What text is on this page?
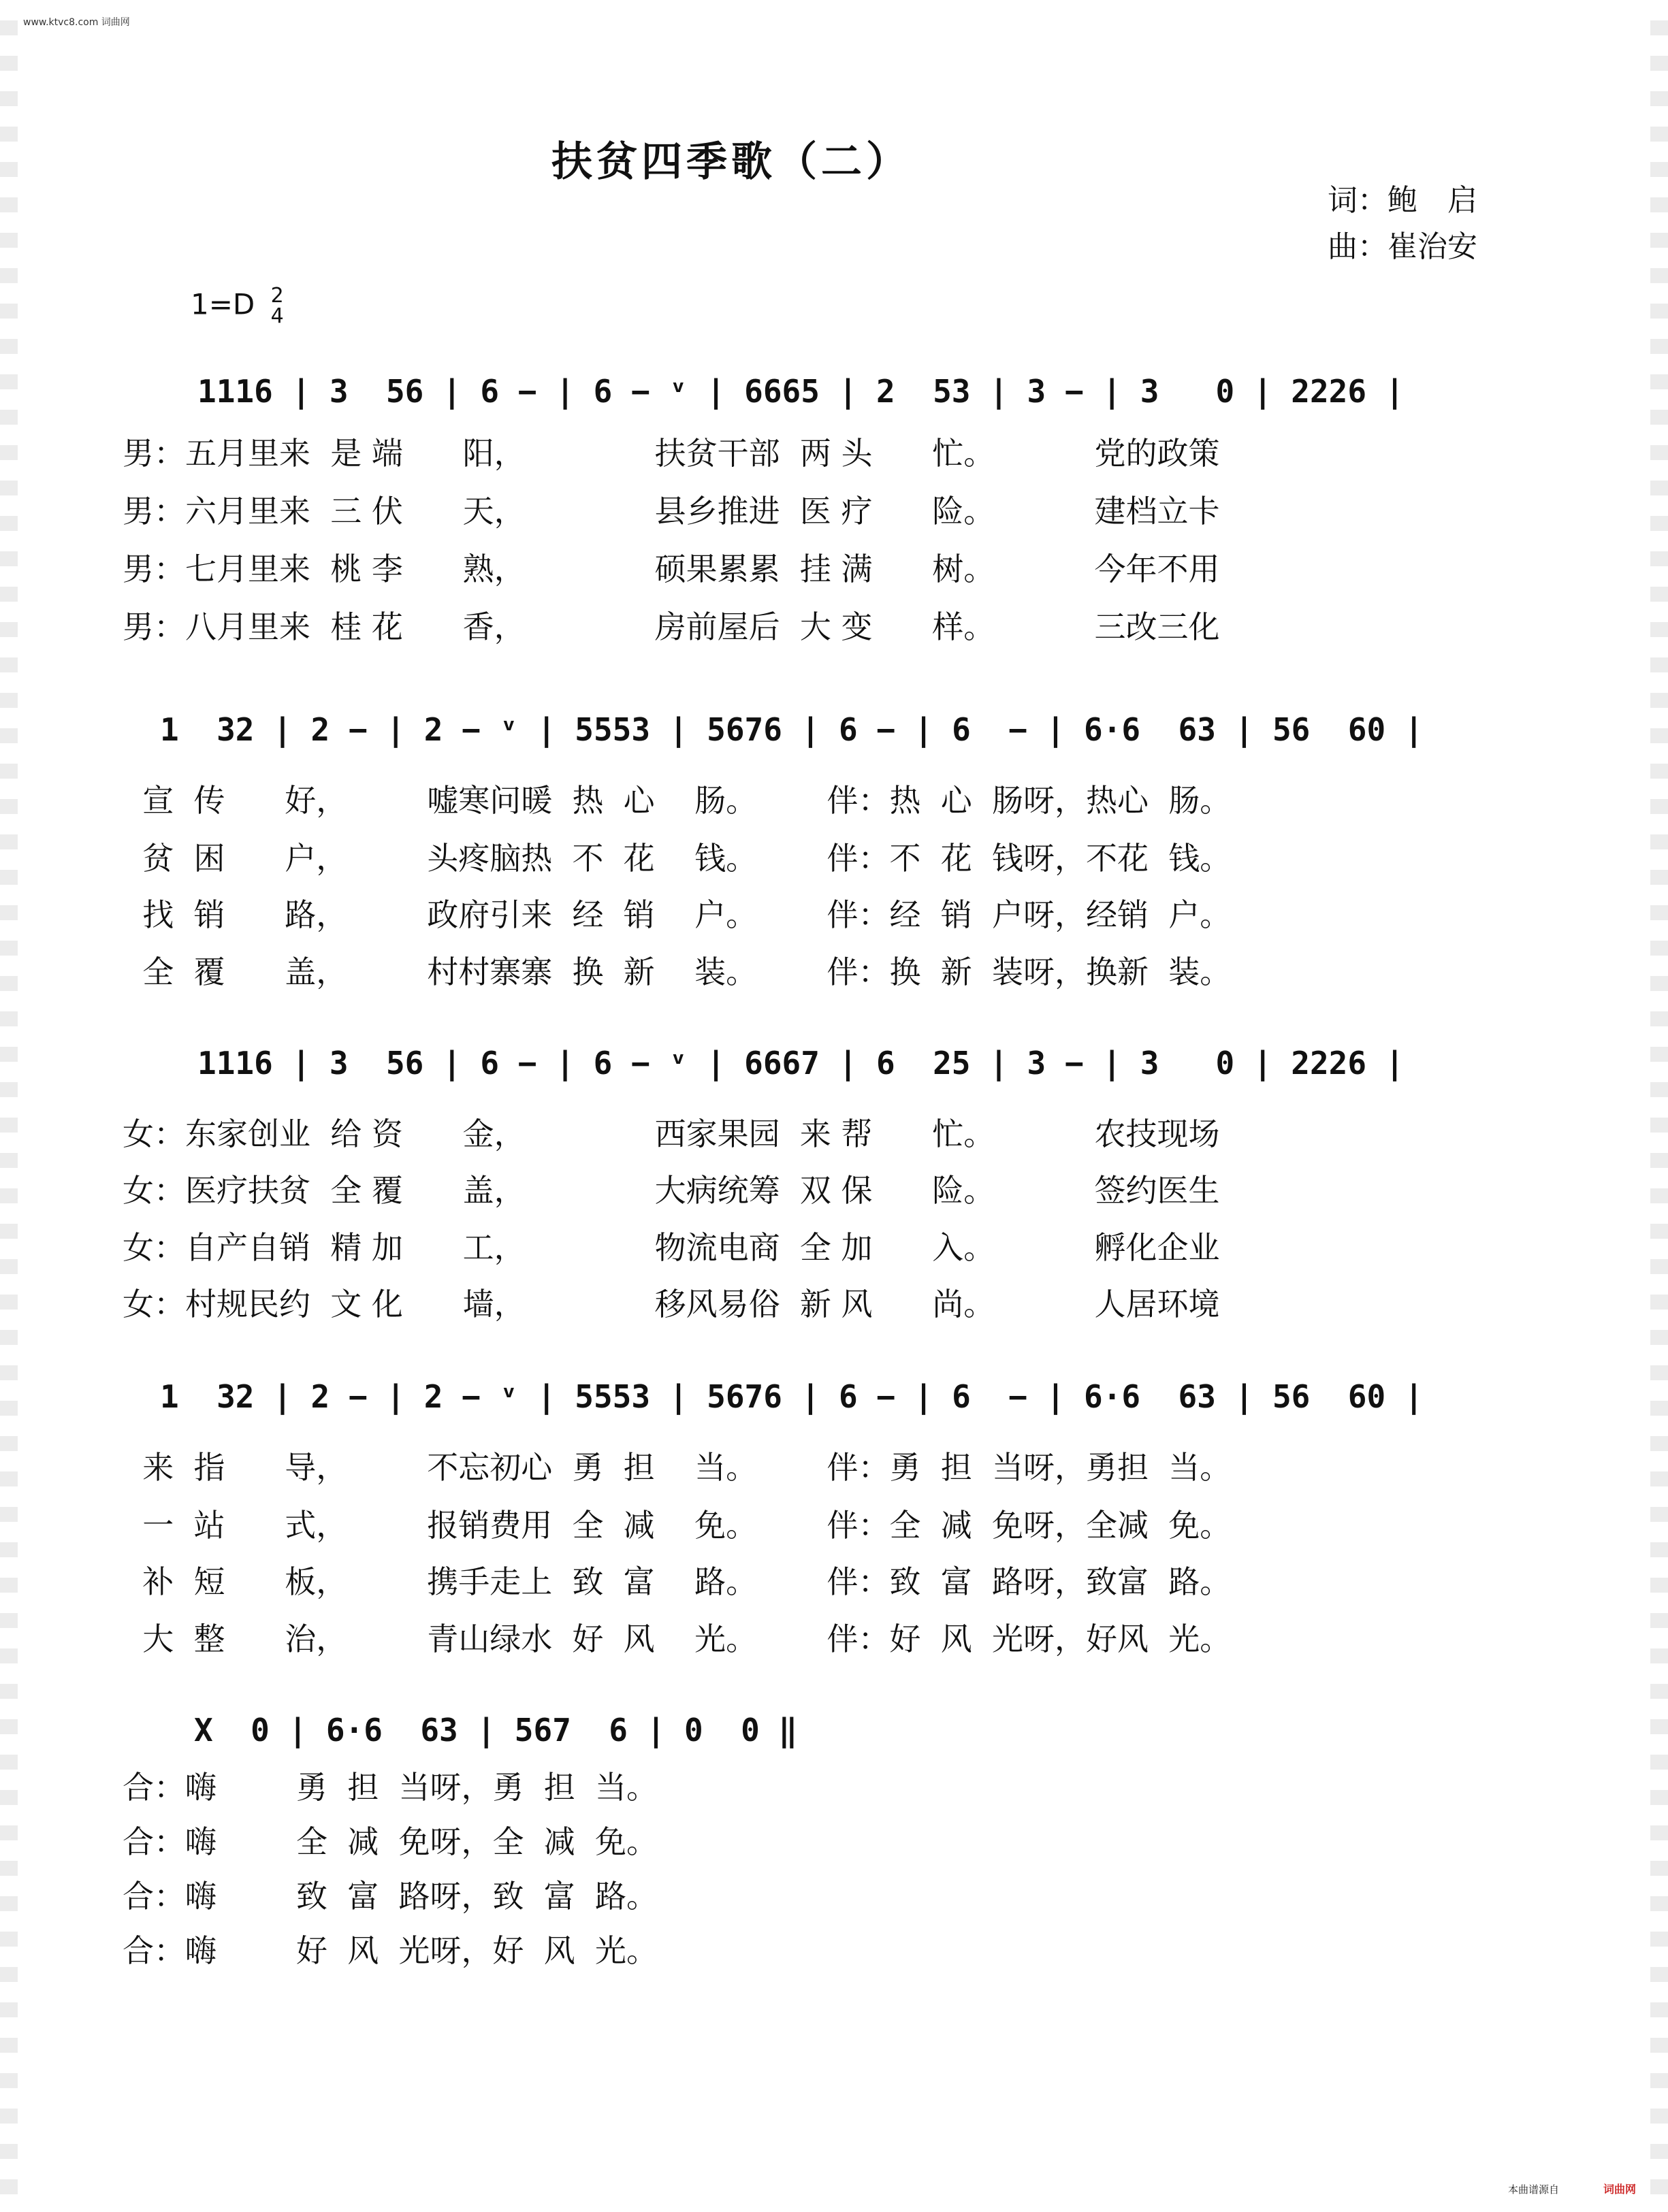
www.ktvc8.com 词曲网
扶贫四季歌（二）
词：鲍　启
曲：崔治安
1=D 2
4
1116 | 3  56 | 6 − | 6 − ᵛ | 6665 | 2  53 | 3 − | 3   0 | 2226 |
男：五月里来  是 端      阳，             扶贫干部  两 头      忙。          党的政策
男：六月里来  三 伏      天，             县乡推进  医 疗      险。          建档立卡
男：七月里来  桃 李      熟，             硕果累累  挂 满      树。          今年不用
男：八月里来  桂 花      香，             房前屋后  大 变      样。          三改三化
1  32 | 2 − | 2 − ᵛ | 5553 | 5676 | 6 − | 6  − | 6·6  63 | 56  60 |
宣  传      好，        嘘寒问暖  热  心    肠。       伴：热  心  肠呀，热心  肠。
贫  困      户，        头疼脑热  不  花    钱。       伴：不  花  钱呀，不花  钱。
找  销      路，        政府引来  经  销    户。       伴：经  销  户呀，经销  户。
全  覆      盖，        村村寨寨  换  新    装。       伴：换  新  装呀，换新  装。
1116 | 3  56 | 6 − | 6 − ᵛ | 6667 | 6  25 | 3 − | 3   0 | 2226 |
女：东家创业  给 资      金，             西家果园  来 帮      忙。          农技现场
女：医疗扶贫  全 覆      盖，             大病统筹  双 保      险。          签约医生
女：自产自销  精 加      工，             物流电商  全 加      入。          孵化企业
女：村规民约  文 化      墙，             移风易俗  新 风      尚。          人居环境
1  32 | 2 − | 2 − ᵛ | 5553 | 5676 | 6 − | 6  − | 6·6  63 | 56  60 |
来  指      导，        不忘初心  勇  担    当。       伴：勇  担  当呀，勇担  当。
一  站      式，        报销费用  全  减    免。       伴：全  减  免呀，全减  免。
补  短      板，        携手走上  致  富    路。       伴：致  富  路呀，致富  路。
大  整      治，        青山绿水  好  风    光。       伴：好  风  光呀，好风  光。
X  0 | 6·6  63 | 567  6 | 0  0 ‖
合：嗨        勇  担  当呀，勇  担  当。
合：嗨        全  减  免呀，全  减  免。
合：嗨        致  富  路呀，致  富  路。
合：嗨        好  风  光呀，好  风  光。
本曲谱源自	词曲网
